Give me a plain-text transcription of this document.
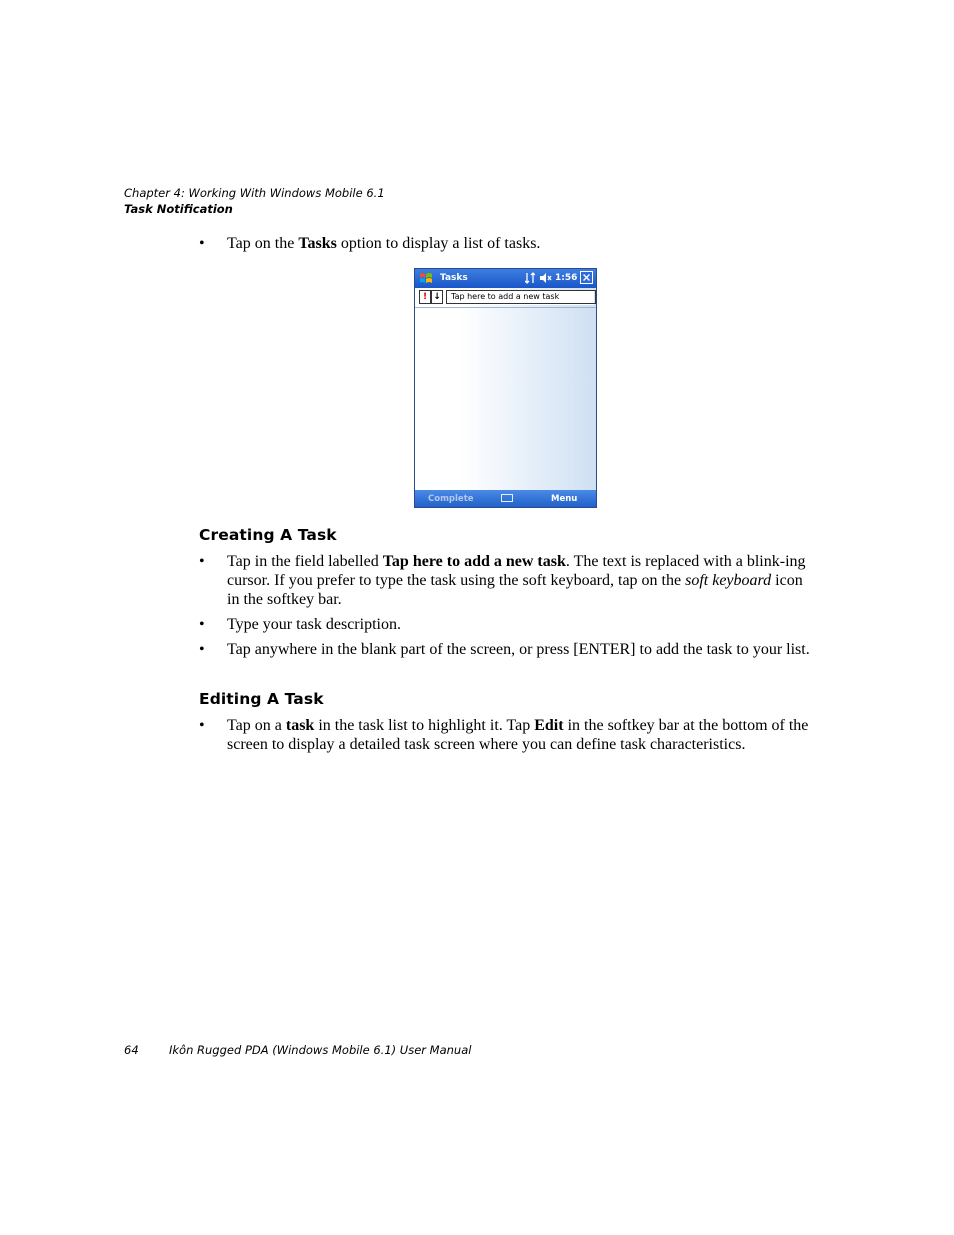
Chapter 4: Working With Windows Mobile 6.1
Task Notification
• Tap on the Tasks option to display a list of tasks.
Tasks	1:56
! ↓	Tap here to add a new task
Complete	Menu
Creating A Task
• Tap in the field labelled Tap here to add a new task. The text is replaced with a blink-ing cursor. If you prefer to type the task using the soft keyboard, tap on the soft keyboard icon in the softkey bar.
• Type your task description.
• Tap anywhere in the blank part of the screen, or press [ENTER] to add the task to your list.
Editing A Task
• Tap on a task in the task list to highlight it. Tap Edit in the softkey bar at the bottom of the screen to display a detailed task screen where you can define task characteristics.
64	Ikôn Rugged PDA (Windows Mobile 6.1) User Manual
